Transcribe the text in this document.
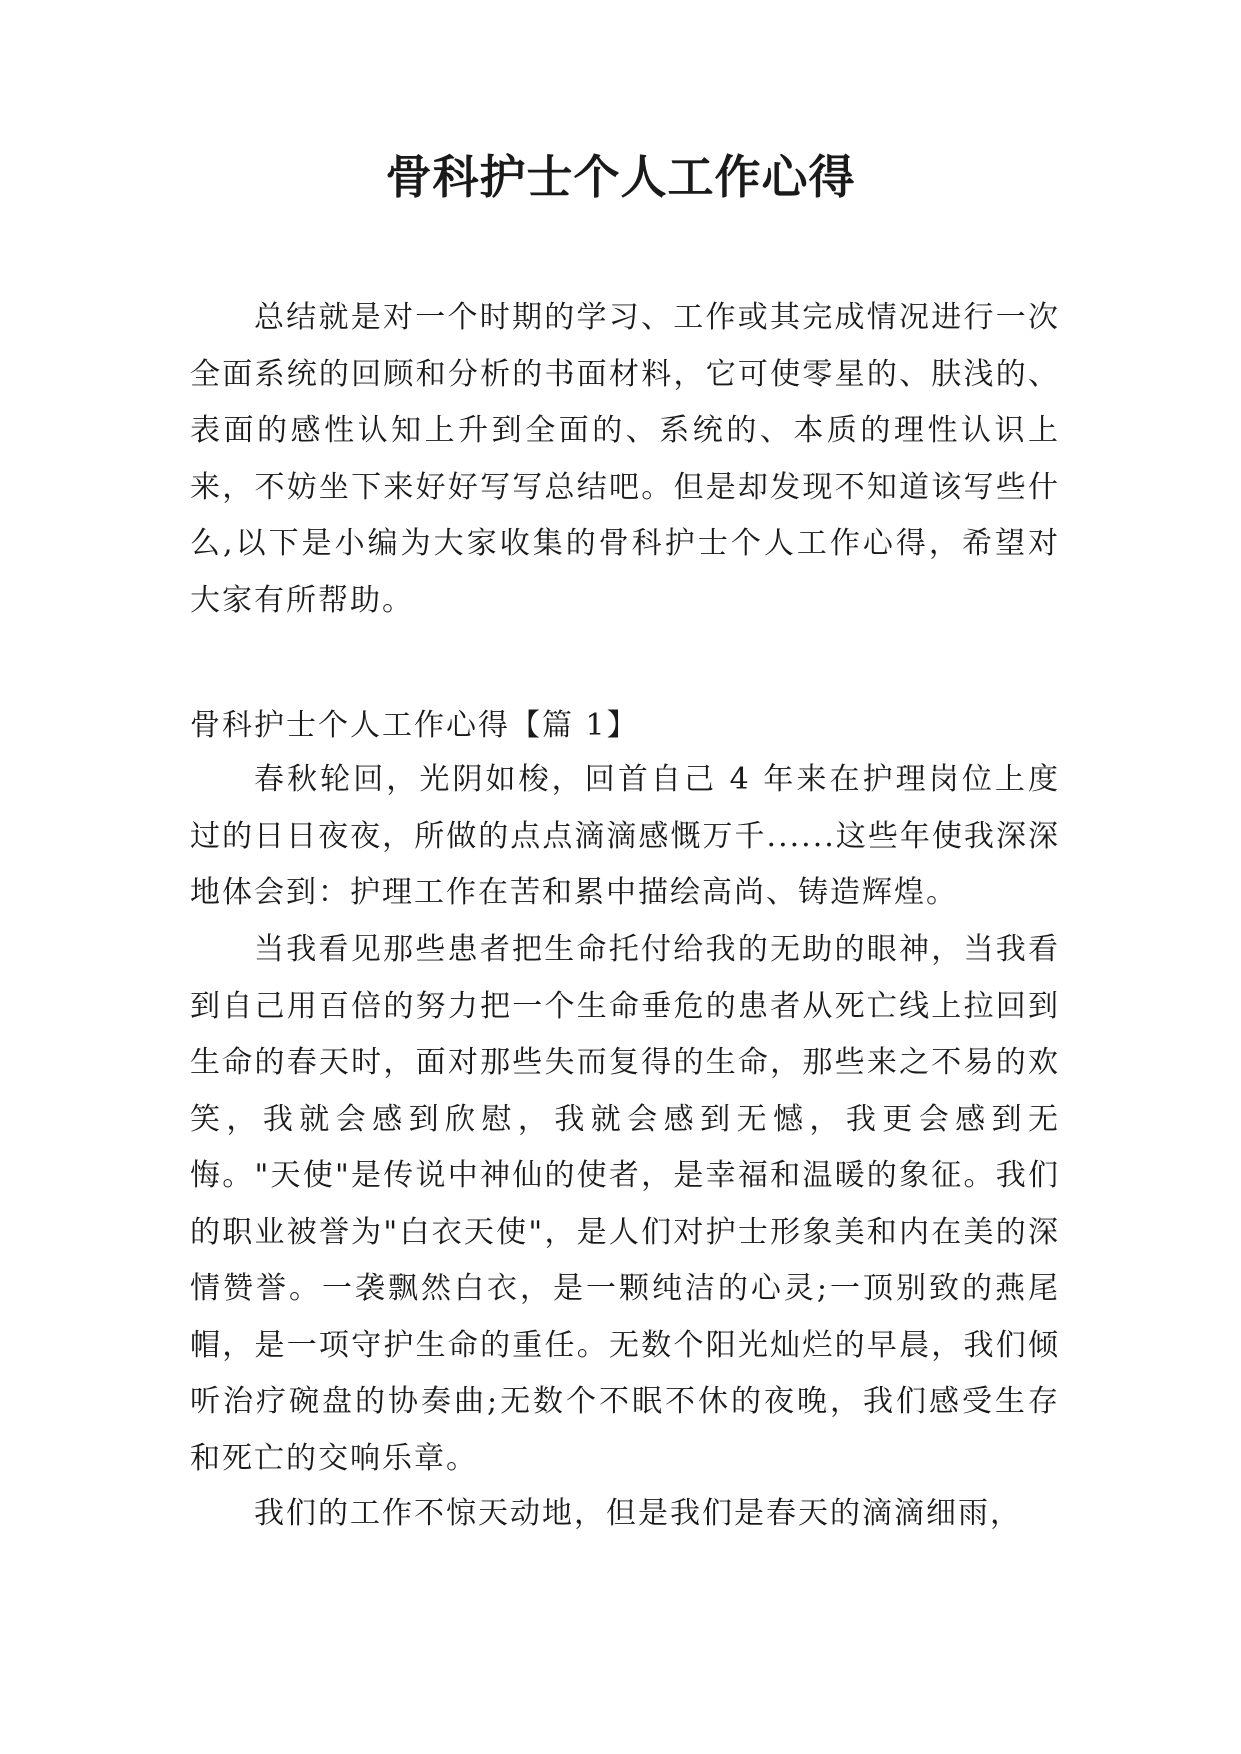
骨科护士个人工作心得

总结就是对一个时期的学习、工作或其完成情况进行一次全面系统的回顾和分析的书面材料，它可使零星的、肤浅的、表面的感性认知上升到全面的、系统的、本质的理性认识上来，不妨坐下来好好写写总结吧。但是却发现不知道该写些什么,以下是小编为大家收集的骨科护士个人工作心得，希望对大家有所帮助。

骨科护士个人工作心得【篇 1】

春秋轮回，光阴如梭，回首自己 4 年来在护理岗位上度过的日日夜夜，所做的点点滴滴感慨万千......这些年使我深深地体会到：护理工作在苦和累中描绘高尚、铸造辉煌。

当我看见那些患者把生命托付给我的无助的眼神，当我看到自己用百倍的努力把一个生命垂危的患者从死亡线上拉回到生命的春天时，面对那些失而复得的生命，那些来之不易的欢笑，我就会感到欣慰，我就会感到无憾，我更会感到无悔。"天使"是传说中神仙的使者，是幸福和温暖的象征。我们的职业被誉为"白衣天使"，是人们对护士形象美和内在美的深情赞誉。一袭飘然白衣，是一颗纯洁的心灵;一顶别致的燕尾帽，是一项守护生命的重任。无数个阳光灿烂的早晨，我们倾听治疗碗盘的协奏曲;无数个不眠不休的夜晚，我们感受生存和死亡的交响乐章。

我们的工作不惊天动地，但是我们是春天的滴滴细雨，
